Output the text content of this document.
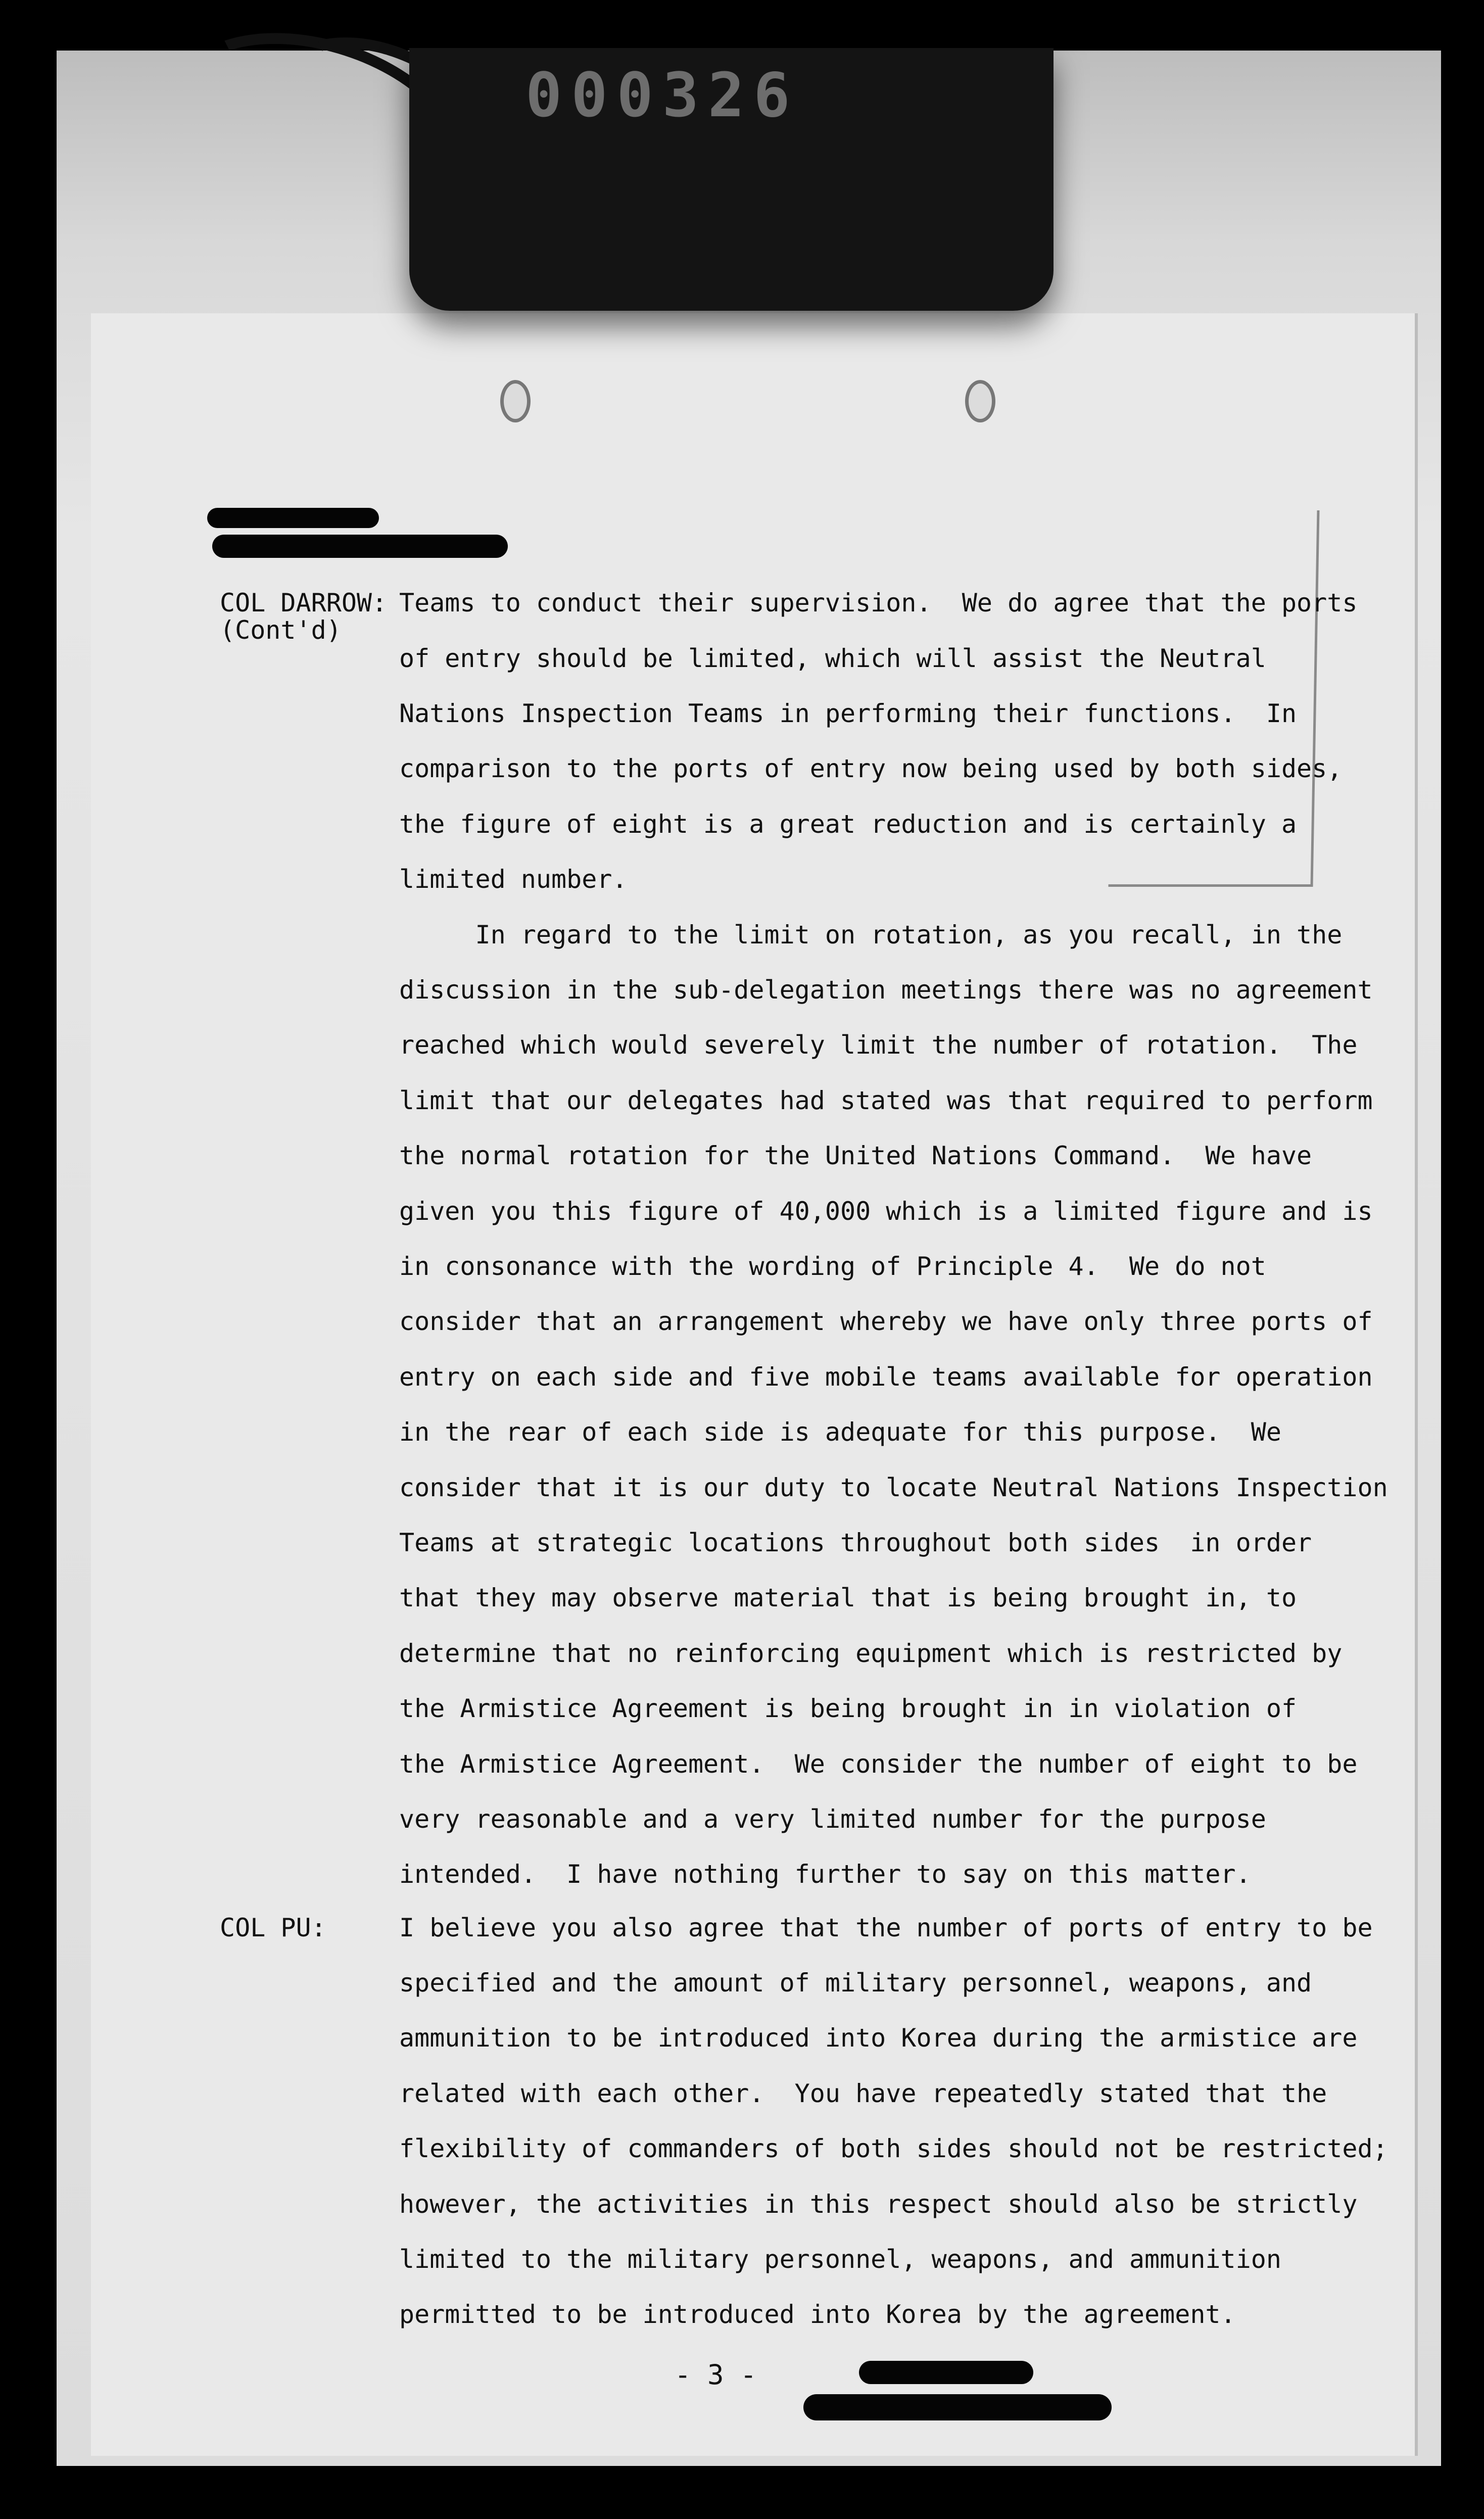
000326
COL DARROW:
(Cont'd)
COL PU:
Teams to conduct their supervision.  We do agree that the ports
of entry should be limited, which will assist the Neutral
Nations Inspection Teams in performing their functions.  In
comparison to the ports of entry now being used by both sides,
the figure of eight is a great reduction and is certainly a
limited number.
In regard to the limit on rotation, as you recall, in the
discussion in the sub-delegation meetings there was no agreement
reached which would severely limit the number of rotation.  The
limit that our delegates had stated was that required to perform
the normal rotation for the United Nations Command.  We have
given you this figure of 40,000 which is a limited figure and is
in consonance with the wording of Principle 4.  We do not
consider that an arrangement whereby we have only three ports of
entry on each side and five mobile teams available for operation
in the rear of each side is adequate for this purpose.  We
consider that it is our duty to locate Neutral Nations Inspection
Teams at strategic locations throughout both sides  in order
that they may observe material that is being brought in, to
determine that no reinforcing equipment which is restricted by
the Armistice Agreement is being brought in in violation of
the Armistice Agreement.  We consider the number of eight to be
very reasonable and a very limited number for the purpose
intended.  I have nothing further to say on this matter.
I believe you also agree that the number of ports of entry to be
specified and the amount of military personnel, weapons, and
ammunition to be introduced into Korea during the armistice are
related with each other.  You have repeatedly stated that the
flexibility of commanders of both sides should not be restricted;
however, the activities in this respect should also be strictly
limited to the military personnel, weapons, and ammunition
permitted to be introduced into Korea by the agreement.
- 3 -
